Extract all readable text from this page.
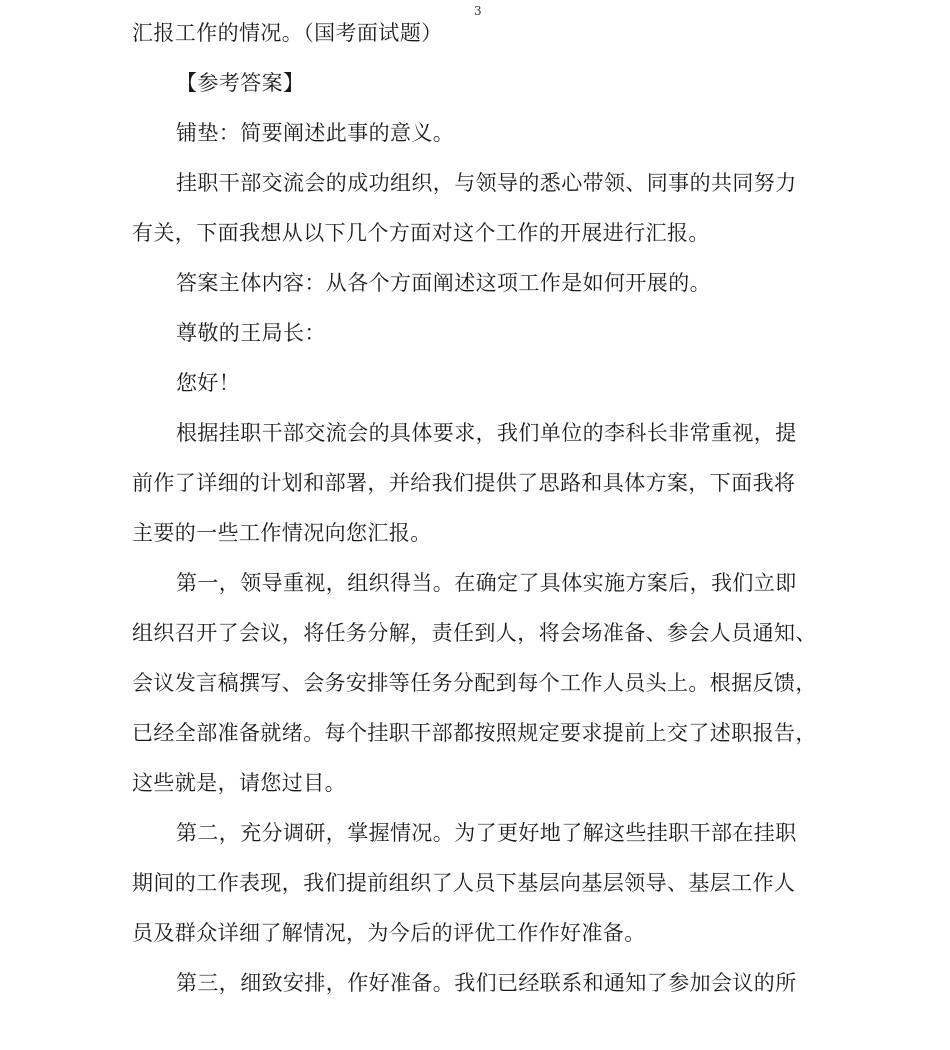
3
汇报工作的情况。（国考面试题）
【参考答案】
铺垫：简要阐述此事的意义。
挂职干部交流会的成功组织，与领导的悉心带领、同事的共同努力
有关，下面我想从以下几个方面对这个工作的开展进行汇报。
答案主体内容：从各个方面阐述这项工作是如何开展的。
尊敬的王局长：
您好！
根据挂职干部交流会的具体要求，我们单位的李科长非常重视，提
前作了详细的计划和部署，并给我们提供了思路和具体方案，下面我将
主要的一些工作情况向您汇报。
第一，领导重视，组织得当。在确定了具体实施方案后，我们立即
组织召开了会议，将任务分解，责任到人，将会场准备、参会人员通知、
会议发言稿撰写、会务安排等任务分配到每个工作人员头上。根据反馈，
已经全部准备就绪。每个挂职干部都按照规定要求提前上交了述职报告，
这些就是，请您过目。
第二，充分调研，掌握情况。为了更好地了解这些挂职干部在挂职
期间的工作表现，我们提前组织了人员下基层向基层领导、基层工作人
员及群众详细了解情况，为今后的评优工作作好准备。
第三，细致安排，作好准备。我们已经联系和通知了参加会议的所
